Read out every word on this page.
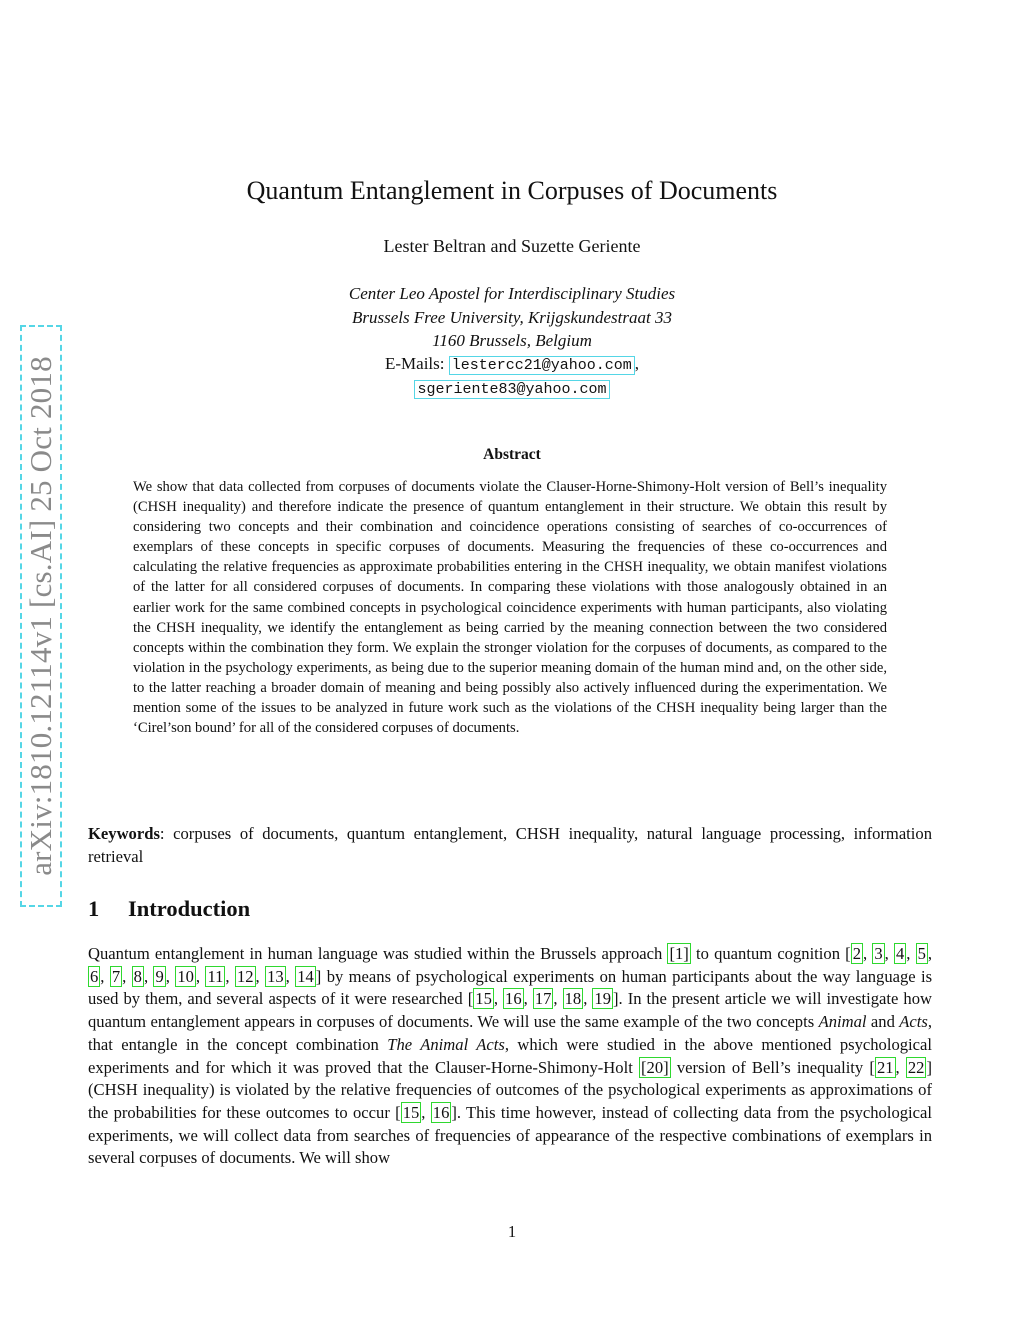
arXiv:1810.12114v1 [cs.AI] 25 Oct 2018
Quantum Entanglement in Corpuses of Documents
Lester Beltran and Suzette Geriente
Center Leo Apostel for Interdisciplinary Studies
Brussels Free University, Krijgskundestraat 33
1160 Brussels, Belgium
E-Mails: lestercc21@yahoo.com ,
sgeriente83@yahoo.com
Abstract
We show that data collected from corpuses of documents violate the Clauser-Horne-Shimony-Holt version of Bell’s inequality (CHSH inequality) and therefore indicate the presence of quantum entanglement in their structure. We obtain this result by considering two concepts and their combination and coincidence operations consisting of searches of co-occurrences of exemplars of these concepts in specific corpuses of documents. Measuring the frequencies of these co-occurrences and calculating the relative frequencies as approximate probabilities entering in the CHSH inequality, we obtain manifest violations of the latter for all considered corpuses of documents. In comparing these violations with those analogously obtained in an earlier work for the same combined concepts in psychological coincidence experiments with human participants, also violating the CHSH inequality, we identify the entanglement as being carried by the meaning connection between the two considered concepts within the combination they form. We explain the stronger violation for the corpuses of documents, as compared to the violation in the psychology experiments, as being due to the superior meaning domain of the human mind and, on the other side, to the latter reaching a broader domain of meaning and being possibly also actively influenced during the experimentation. We mention some of the issues to be analyzed in future work such as the violations of the CHSH inequality being larger than the ‘Cirel’son bound’ for all of the considered corpuses of documents.
Keywords: corpuses of documents, quantum entanglement, CHSH inequality, natural language processing, information retrieval
1 Introduction
Quantum entanglement in human language was studied within the Brussels approach [1] to quantum cognition [ 2 , 3 , 4 , 5 , 6 , 7 , 8 , 9 , 10 , 11 , 12 , 13 , 14 ] by means of psychological experiments on human participants about the way language is used by them, and several aspects of it were researched [ 15 , 16 , 17 , 18 , 19 ]. In the present article we will investigate how quantum entanglement appears in corpuses of documents. We will use the same example of the two concepts Animal and Acts, that entangle in the concept combination The Animal Acts, which were studied in the above mentioned psychological experiments and for which it was proved that the Clauser-Horne-Shimony-Holt [20] version of Bell’s inequality [ 21 , 22 ] (CHSH inequality) is violated by the relative frequencies of outcomes of the psychological experiments as approximations of the probabilities for these outcomes to occur [ 15 , 16 ]. This time however, instead of collecting data from the psychological experiments, we will collect data from searches of frequencies of appearance of the respective combinations of exemplars in several corpuses of documents. We will show
1
